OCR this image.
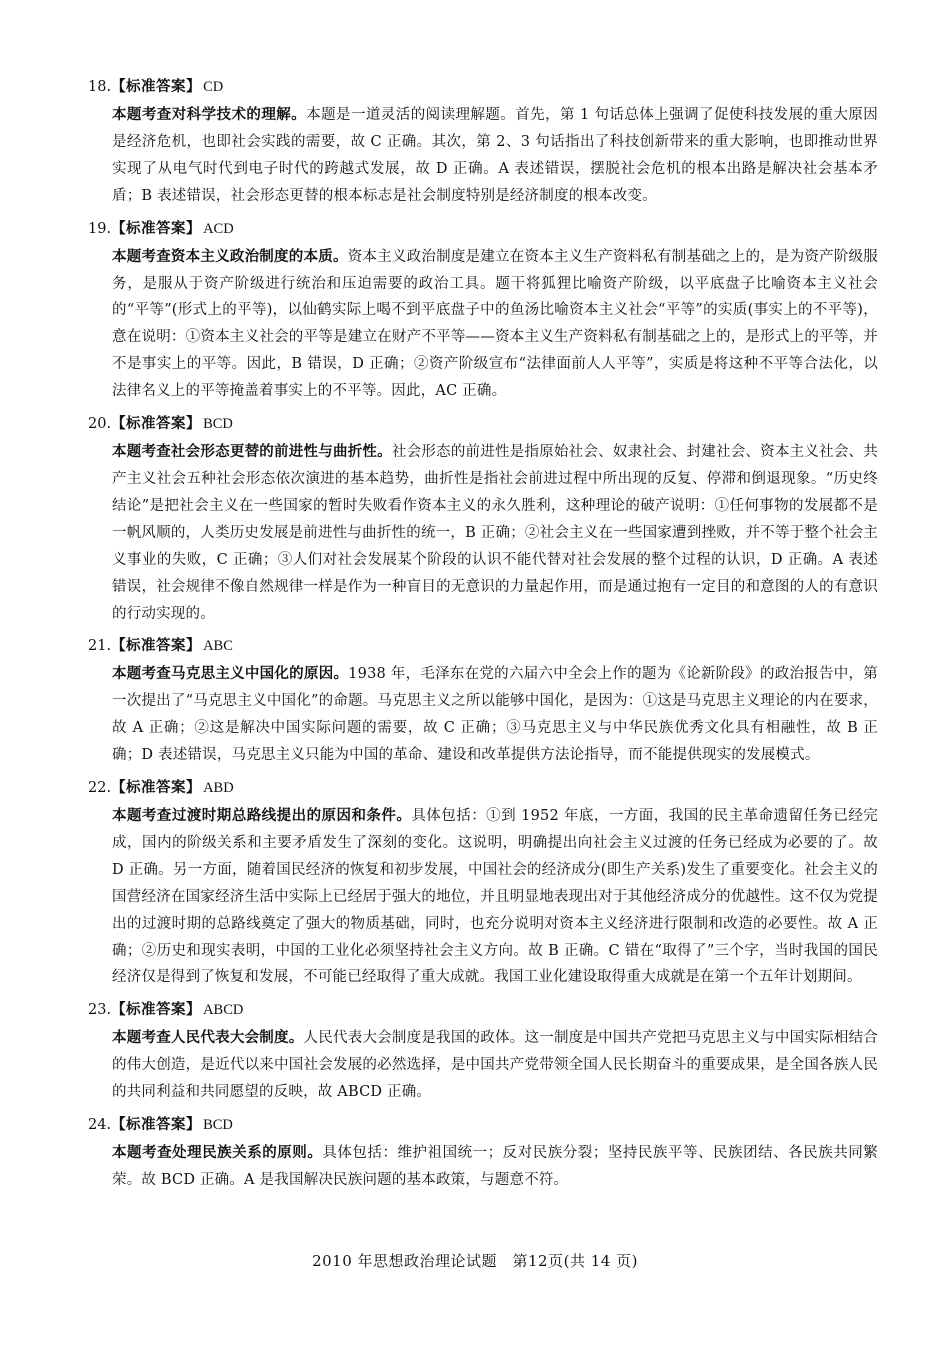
18.【标准答案】 CD
本题考查对科学技术的理解。本题是一道灵活的阅读理解题。首先，第 1 句话总体上强调了促使科技发展的重大原因是经济危机，也即社会实践的需要，故 C 正确。其次，第 2、3 句话指出了科技创新带来的重大影响，也即推动世界实现了从电气时代到电子时代的跨越式发展，故 D 正确。A 表述错误，摆脱社会危机的根本出路是解决社会基本矛盾；B 表述错误，社会形态更替的根本标志是社会制度特别是经济制度的根本改变。
19.【标准答案】 ACD
本题考查资本主义政治制度的本质。资本主义政治制度是建立在资本主义生产资料私有制基础之上的，是为资产阶级服务，是服从于资产阶级进行统治和压迫需要的政治工具。题干将狐狸比喻资产阶级，以平底盘子比喻资本主义社会的“平等”(形式上的平等)，以仙鹤实际上喝不到平底盘子中的鱼汤比喻资本主义社会“平等”的实质(事实上的不平等)，意在说明：①资本主义社会的平等是建立在财产不平等——资本主义生产资料私有制基础之上的，是形式上的平等，并不是事实上的平等。因此，B 错误，D 正确；②资产阶级宣布“法律面前人人平等”，实质是将这种不平等合法化，以法律名义上的平等掩盖着事实上的不平等。因此，AC 正确。
20.【标准答案】 BCD
本题考查社会形态更替的前进性与曲折性。社会形态的前进性是指原始社会、奴隶社会、封建社会、资本主义社会、共产主义社会五种社会形态依次演进的基本趋势，曲折性是指社会前进过程中所出现的反复、停滞和倒退现象。“历史终结论”是把社会主义在一些国家的暂时失败看作资本主义的永久胜利，这种理论的破产说明：①任何事物的发展都不是一帆风顺的，人类历史发展是前进性与曲折性的统一，B 正确；②社会主义在一些国家遭到挫败，并不等于整个社会主义事业的失败，C 正确；③人们对社会发展某个阶段的认识不能代替对社会发展的整个过程的认识，D 正确。A 表述错误，社会规律不像自然规律一样是作为一种盲目的无意识的力量起作用，而是通过抱有一定目的和意图的人的有意识的行动实现的。
21.【标准答案】 ABC
本题考查马克思主义中国化的原因。1938 年，毛泽东在党的六届六中全会上作的题为《论新阶段》的政治报告中，第一次提出了“马克思主义中国化”的命题。马克思主义之所以能够中国化，是因为：①这是马克思主义理论的内在要求，故 A 正确；②这是解决中国实际问题的需要，故 C 正确；③马克思主义与中华民族优秀文化具有相融性，故 B 正确；D 表述错误，马克思主义只能为中国的革命、建设和改革提供方法论指导，而不能提供现实的发展模式。
22.【标准答案】 ABD
本题考查过渡时期总路线提出的原因和条件。具体包括：①到 1952 年底，一方面，我国的民主革命遗留任务已经完成，国内的阶级关系和主要矛盾发生了深刻的变化。这说明，明确提出向社会主义过渡的任务已经成为必要的了。故 D 正确。另一方面，随着国民经济的恢复和初步发展，中国社会的经济成分(即生产关系)发生了重要变化。社会主义的国营经济在国家经济生活中实际上已经居于强大的地位，并且明显地表现出对于其他经济成分的优越性。这不仅为党提出的过渡时期的总路线奠定了强大的物质基础，同时，也充分说明对资本主义经济进行限制和改造的必要性。故 A 正确；②历史和现实表明，中国的工业化必须坚持社会主义方向。故 B 正确。C 错在“取得了”三个字，当时我国的国民经济仅是得到了恢复和发展，不可能已经取得了重大成就。我国工业化建设取得重大成就是在第一个五年计划期间。
23.【标准答案】 ABCD
本题考查人民代表大会制度。人民代表大会制度是我国的政体。这一制度是中国共产党把马克思主义与中国实际相结合的伟大创造，是近代以来中国社会发展的必然选择，是中国共产党带领全国人民长期奋斗的重要成果，是全国各族人民的共同利益和共同愿望的反映，故 ABCD 正确。
24.【标准答案】 BCD
本题考查处理民族关系的原则。具体包括：维护祖国统一；反对民族分裂；坚持民族平等、民族团结、各民族共同繁荣。故 BCD 正确。A 是我国解决民族问题的基本政策，与题意不符。
2010 年思想政治理论试题　第12页(共 14 页)
